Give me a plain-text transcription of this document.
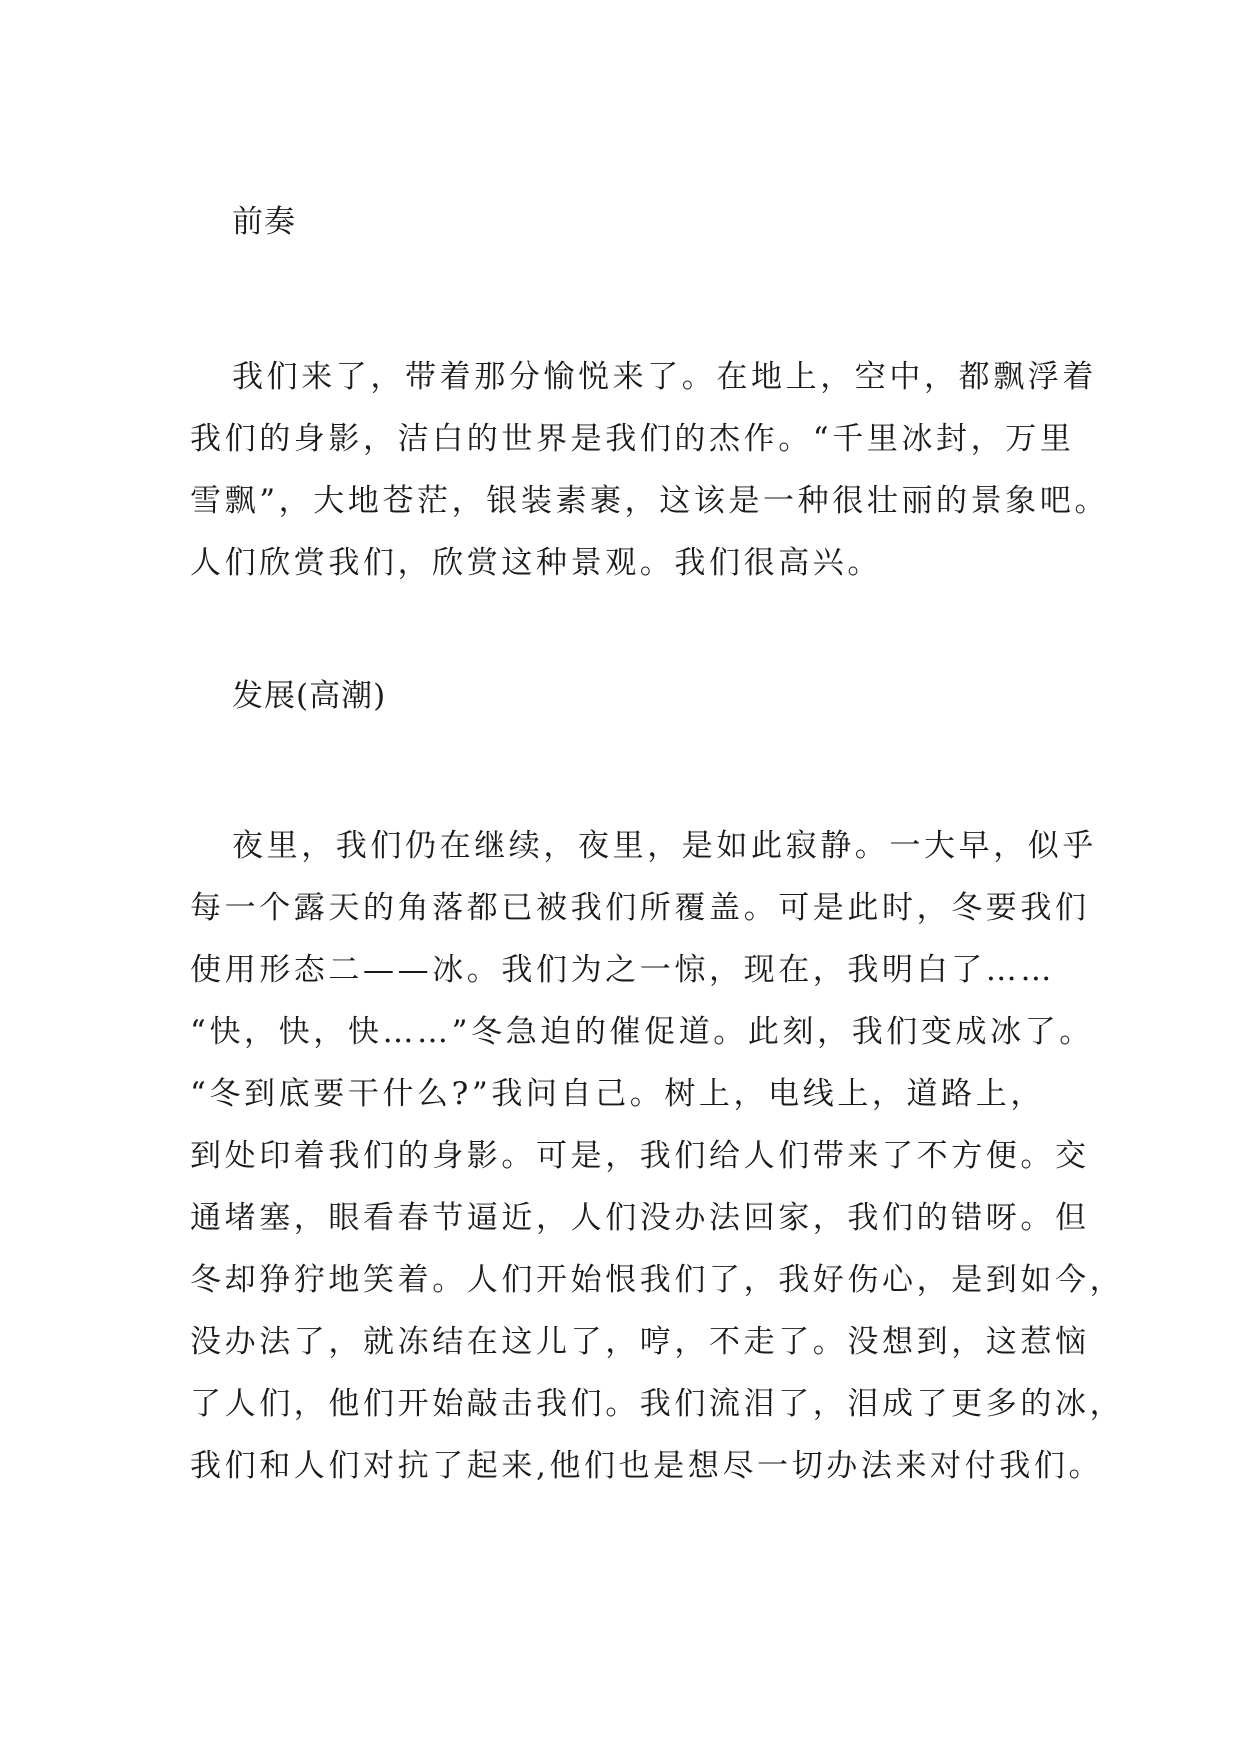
前奏
我们来了，带着那分愉悦来了。在地上，空中，都飘浮着
我们的身影，洁白的世界是我们的杰作。“千里冰封，万里
雪飘”，大地苍茫，银装素裹，这该是一种很壮丽的景象吧。
人们欣赏我们，欣赏这种景观。我们很高兴。
发展(高潮)
夜里，我们仍在继续，夜里，是如此寂静。一大早，似乎
每一个露天的角落都已被我们所覆盖。可是此时，冬要我们
使用形态二——冰。我们为之一惊，现在，我明白了……
“快，快，快……”冬急迫的催促道。此刻，我们变成冰了。
“冬到底要干什么?”我问自己。树上，电线上，道路上，
到处印着我们的身影。可是，我们给人们带来了不方便。交
通堵塞，眼看春节逼近，人们没办法回家，我们的错呀。但
冬却狰狞地笑着。人们开始恨我们了，我好伤心，是到如今，
没办法了，就冻结在这儿了，哼，不走了。没想到，这惹恼
了人们，他们开始敲击我们。我们流泪了，泪成了更多的冰，
我们和人们对抗了起来,他们也是想尽一切办法来对付我们。
